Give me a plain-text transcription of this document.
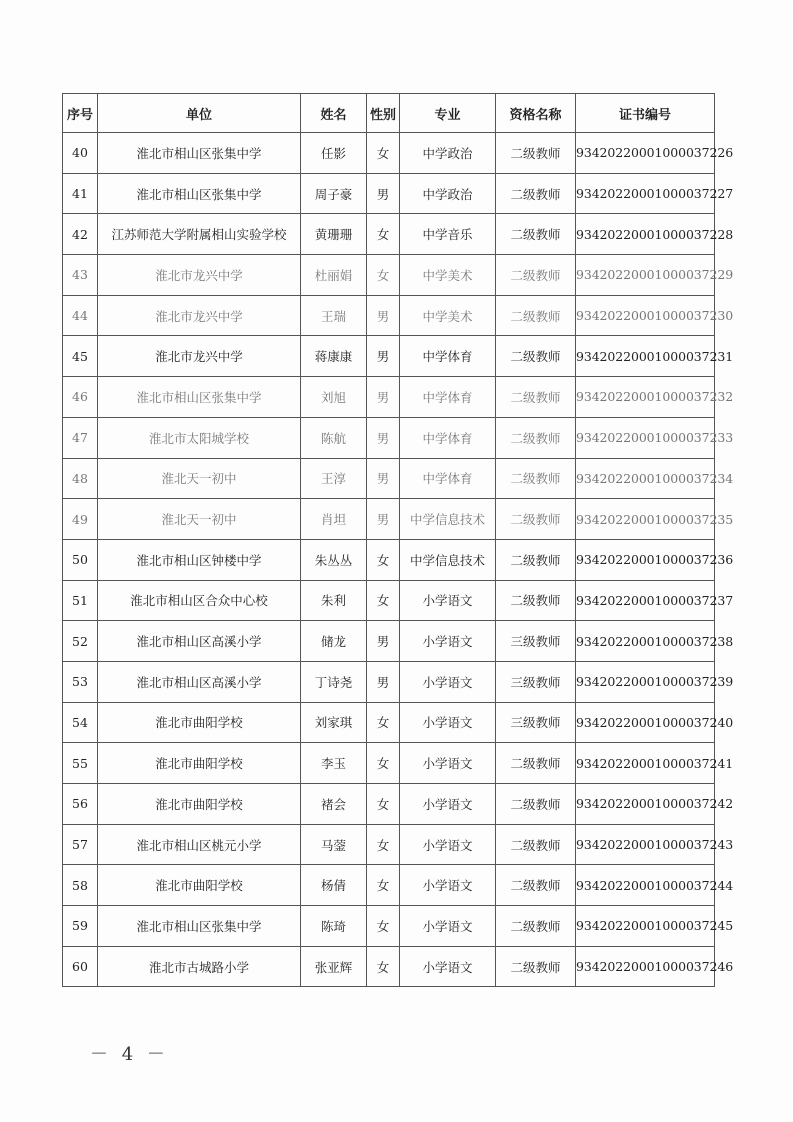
序号	单位	姓名	性别	专业	资格名称	证书编号
40	淮北市相山区张集中学	任影	女	中学政治	二级教师	93420220001000037226
41	淮北市相山区张集中学	周子豪	男	中学政治	二级教师	93420220001000037227
42	江苏师范大学附属相山实验学校	黄珊珊	女	中学音乐	二级教师	93420220001000037228
43	淮北市龙兴中学	杜丽娟	女	中学美术	二级教师	93420220001000037229
44	淮北市龙兴中学	王瑞	男	中学美术	二级教师	93420220001000037230
45	淮北市龙兴中学	蒋康康	男	中学体育	二级教师	93420220001000037231
46	淮北市相山区张集中学	刘旭	男	中学体育	二级教师	93420220001000037232
47	淮北市太阳城学校	陈航	男	中学体育	二级教师	93420220001000037233
48	淮北天一初中	王淳	男	中学体育	二级教师	93420220001000037234
49	淮北天一初中	肖坦	男	中学信息技术	二级教师	93420220001000037235
50	淮北市相山区钟楼中学	朱丛丛	女	中学信息技术	二级教师	93420220001000037236
51	淮北市相山区合众中心校	朱利	女	小学语文	二级教师	93420220001000037237
52	淮北市相山区高溪小学	储龙	男	小学语文	三级教师	93420220001000037238
53	淮北市相山区高溪小学	丁诗尧	男	小学语文	三级教师	93420220001000037239
54	淮北市曲阳学校	刘家琪	女	小学语文	三级教师	93420220001000037240
55	淮北市曲阳学校	李玉	女	小学语文	二级教师	93420220001000037241
56	淮北市曲阳学校	褚会	女	小学语文	二级教师	93420220001000037242
57	淮北市相山区桃元小学	马蓥	女	小学语文	二级教师	93420220001000037243
58	淮北市曲阳学校	杨倩	女	小学语文	二级教师	93420220001000037244
59	淮北市相山区张集中学	陈琦	女	小学语文	二级教师	93420220001000037245
60	淮北市古城路小学	张亚辉	女	小学语文	二级教师	93420220001000037246
－ 4 －
